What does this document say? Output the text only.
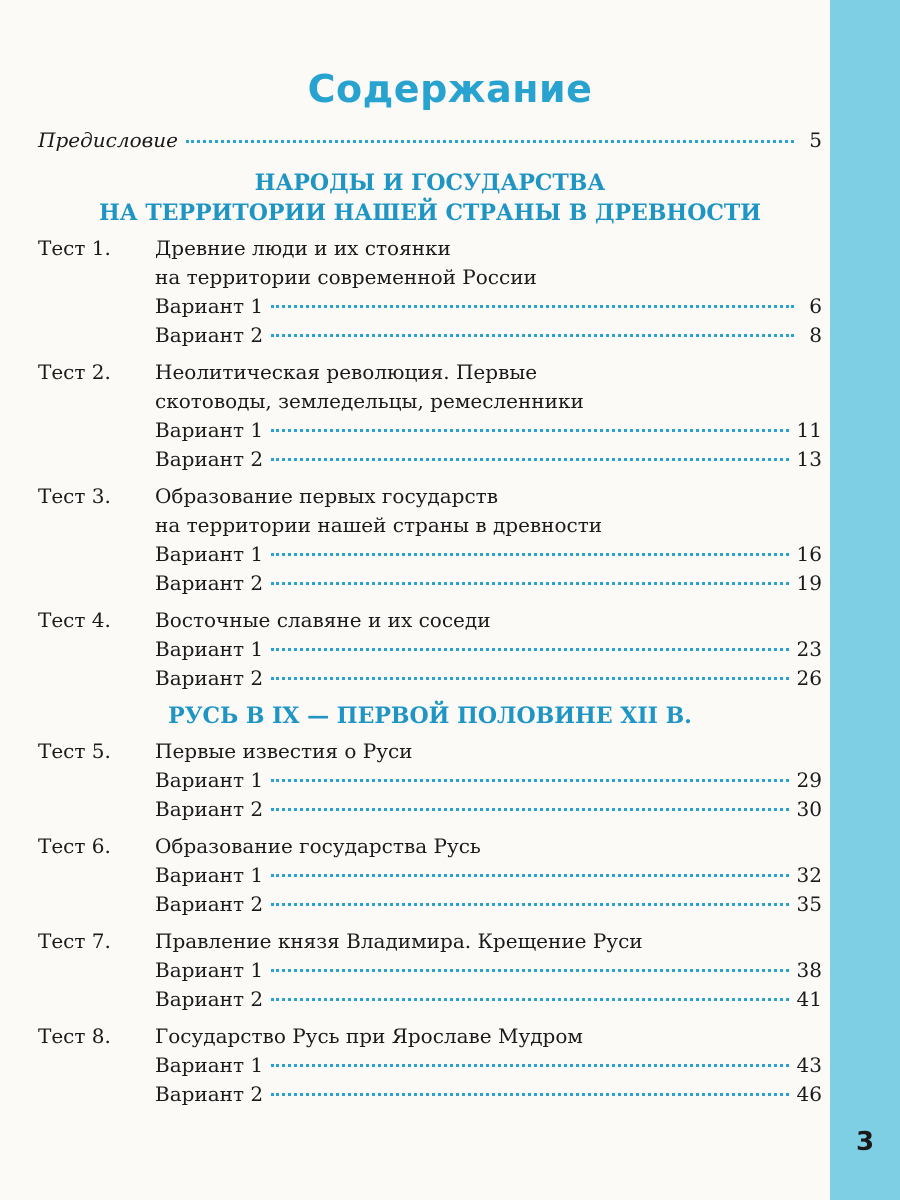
3
Содержание
Предисловие	5
НАРОДЫ И ГОСУДАРСТВА
НА ТЕРРИТОРИИ НАШЕЙ СТРАНЫ В ДРЕВНОСТИ
Тест 1.	Древние люди и их стоянки
на территории современной России
Вариант 1	6
Вариант 2	8
Тест 2.	Неолитическая революция. Первые
скотоводы, земледельцы, ремесленники
Вариант 1	11
Вариант 2	13
Тест 3.	Образование первых государств
на территории нашей страны в древности
Вариант 1	16
Вариант 2	19
Тест 4.	Восточные славяне и их соседи
Вариант 1	23
Вариант 2	26
РУСЬ В IX — ПЕРВОЙ ПОЛОВИНЕ XII В.
Тест 5.	Первые известия о Руси
Вариант 1	29
Вариант 2	30
Тест 6.	Образование государства Русь
Вариант 1	32
Вариант 2	35
Тест 7.	Правление князя Владимира. Крещение Руси
Вариант 1	38
Вариант 2	41
Тест 8.	Государство Русь при Ярославе Мудром
Вариант 1	43
Вариант 2	46
